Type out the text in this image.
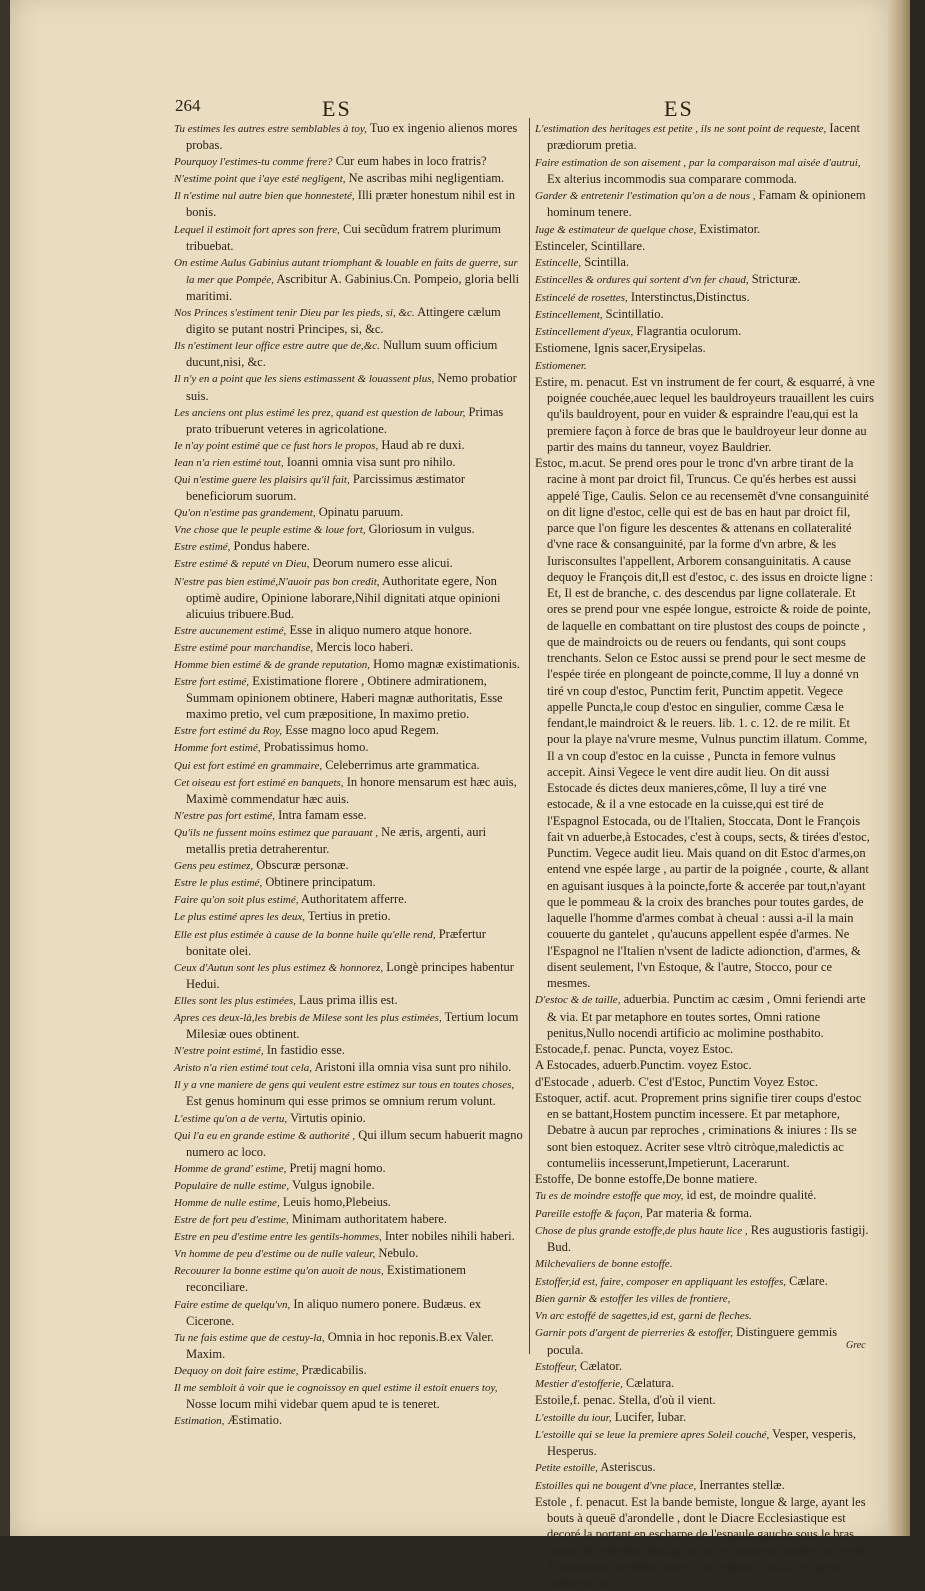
264	ES	ES

Tu estimes les autres estre semblables à toy, Tuo ex ingenio alienos mores probas.

Pourquoy l'estimes-tu comme frere? Cur eum habes in loco fratris?

N'estime point que i'aye esté negligent, Ne ascribas mihi negligentiam.

Il n'estime nul autre bien que honnesteté, Illi præter honestum nihil est in bonis.

Lequel il estimoit fort apres son frere, Cui secũdum fratrem plurimum tribuebat.

On estime Aulus Gabinius autant triomphant & louable en faits de guerre, sur la mer que Pompée, Ascribitur A. Gabinius.Cn. Pompeio, gloria belli maritimi.

Nos Princes s'estiment tenir Dieu par les pieds, si, &c. Attingere cælum digito se putant nostri Principes, si, &c.

Ils n'estiment leur office estre autre que de,&c. Nullum suum officium ducunt,nisi, &c.

Il n'y en a point que les siens estimassent & louassent plus, Nemo probatior suis.

Les anciens ont plus estimé les prez, quand est question de labour, Primas prato tribuerunt veteres in agricolatione.

Ie n'ay point estimé que ce fust hors le propos, Haud ab re duxi.

Iean n'a rien estimé tout, Ioanni omnia visa sunt pro nihilo.

Qui n'estime guere les plaisirs qu'il fait, Parcissimus æstimator beneficiorum suorum.

Qu'on n'estime pas grandement, Opinatu paruum.

Vne chose que le peuple estime & loue fort, Gloriosum in vulgus.

Estre estimé, Pondus habere.

Estre estimé & reputé vn Dieu, Deorum numero esse alicui.

N'estre pas bien estimé,N'auoir pas bon credit, Authoritate egere, Non optimè audire, Opinione laborare,Nihil dignitati atque opinioni alicuius tribuere.Bud.

Estre aucunement estimé, Esse in aliquo numero atque honore.

Estre estimé pour marchandise, Mercis loco haberi.

Homme bien estimé & de grande reputation, Homo magnæ existimationis.

Estre fort estimé, Existimatione florere , Obtinere admirationem, Summam opinionem obtinere, Haberi magnæ authoritatis, Esse maximo pretio, vel cum præpositione, In maximo pretio.

Estre fort estimé du Roy, Esse magno loco apud Regem.

Homme fort estimé, Probatissimus homo.

Qui est fort estimé en grammaire, Celeberrimus arte grammatica.

Cet oiseau est fort estimé en banquets, In honore mensarum est hæc auis, Maximè commendatur hæc auis.

N'estre pas fort estimé, Intra famam esse.

Qu'ils ne fussent moins estimez que parauant , Ne æris, argenti, auri metallis pretia detraherentur.

Gens peu estimez, Obscuræ personæ.

Estre le plus estimé, Obtinere principatum.

Faire qu'on soit plus estimé, Authoritatem afferre.

Le plus estimé apres les deux, Tertius in pretio.

Elle est plus estimée à cause de la bonne huile qu'elle rend, Præfertur bonitate olei.

Ceux d'Autun sont les plus estimez & honnorez, Longè principes habentur Hedui.

Elles sont les plus estimées, Laus prima illis est.

Apres ces deux-là,les brebis de Milese sont les plus estimées, Tertium locum Milesiæ oues obtinent.

N'estre point estimé, In fastidio esse.

Aristo n'a rien estimé tout cela, Aristoni illa omnia visa sunt pro nihilo.

Il y a vne maniere de gens qui veulent estre estimez sur tous en toutes choses, Est genus hominum qui esse primos se omnium rerum volunt.

L'estime qu'on a de vertu, Virtutis opinio.

Qui l'a eu en grande estime & authorité , Qui illum secum habuerit magno numero ac loco.

Homme de grand' estime, Pretij magni homo.

Populaire de nulle estime, Vulgus ignobile.

Homme de nulle estime, Leuis homo,Plebeius.

Estre de fort peu d'estime, Minimam authoritatem habere.

Estre en peu d'estime entre les gentils-hommes, Inter nobiles nihili haberi.

Vn homme de peu d'estime ou de nulle valeur, Nebulo.

Recouurer la bonne estime qu'on auoit de nous, Existimationem reconciliare.

Faire estime de quelqu'vn, In aliquo numero ponere. Budæus. ex Cicerone.

Tu ne fais estime que de cestuy-la, Omnia in hoc reponis.B.ex Valer. Maxim.

Dequoy on doit faire estime, Prædicabilis.

Il me sembloit à voir que ie cognoissoy en quel estime il estoit enuers toy, Nosse locum mihi videbar quem apud te is teneret.

Estimation, Æstimatio.

L'estimation des heritages est petite , ils ne sont point de requeste, Iacent prædiorum pretia.

Faire estimation de son aisement , par la comparaison mal aisée d'autrui, Ex alterius incommodis sua comparare commoda.

Garder & entretenir l'estimation qu'on a de nous , Famam & opinionem hominum tenere.

Iuge & estimateur de quelque chose, Existimator.

Estinceler, Scintillare.

Estincelle, Scintilla.

Estincelles & ordures qui sortent d'vn fer chaud, Stricturæ.

Estincelé de rosettes, Interstinctus,Distinctus.

Estincellement, Scintillatio.

Estincellement d'yeux, Flagrantia oculorum.

Estiomene, Ignis sacer,Erysipelas.

Estiomener.

Estire, m. penacut. Est vn instrument de fer court, & esquarré, à vne poignée couchée,auec lequel les bauldroyeurs trauaillent les cuirs qu'ils bauldroyent, pour en vuider & espraindre l'eau,qui est la premiere façon à force de bras que le bauldroyeur leur donne au partir des mains du tanneur, voyez Bauldrier.

Estoc, m.acut. Se prend ores pour le tronc d'vn arbre tirant de la racine à mont par droict fil, Truncus. Ce qu'és herbes est aussi appelé Tige, Caulis. Selon ce au recensemẽt d'vne consanguinité on dit ligne d'estoc, celle qui est de bas en haut par droict fil, parce que l'on figure les descentes & attenans en collateralité d'vne race & consanguinité, par la forme d'vn arbre, & les Iurisconsultes l'appellent, Arborem consanguinitatis. A cause dequoy le François dit,Il est d'estoc, c. des issus en droicte ligne : Et, Il est de branche, c. des descendus par ligne collaterale. Et ores se prend pour vne espée longue, estroicte & roide de pointe, de laquelle en combattant on tire plustost des coups de poincte , que de maindroicts ou de reuers ou fendants, qui sont coups trenchants. Selon ce Estoc aussi se prend pour le sect mesme de l'espée tirée en plongeant de poincte,comme, Il luy a donné vn tiré vn coup d'estoc, Punctim ferit, Punctim appetit. Vegece appelle Puncta,le coup d'estoc en singulier, comme Cæsa le fendant,le maindroict & le reuers. lib. 1. c. 12. de re milit. Et pour la playe na'vrure mesme, Vulnus punctim illatum. Comme, Il a vn coup d'estoc en la cuisse , Puncta in femore vulnus accepit. Ainsi Vegece le vent dire audit lieu. On dit aussi Estocade és dictes deux manieres,côme, Il luy a tiré vne estocade, & il a vne estocade en la cuisse,qui est tiré de l'Espagnol Estocada, ou de l'Italien, Stoccata, Dont le François fait vn aduerbe,à Estocades, c'est à coups, sects, & tirées d'estoc, Punctim. Vegece audit lieu. Mais quand on dit Estoc d'armes,on entend vne espée large , au partir de la poignée , courte, & allant en aguisant iusques à la poincte,forte & accerée par tout,n'ayant que le pommeau & la croix des branches pour toutes gardes, de laquelle l'homme d'armes combat à cheual : aussi a-il la main couuerte du gantelet , qu'aucuns appellent espée d'armes. Ne l'Espagnol ne l'Italien n'vsent de ladicte adionction, d'armes, & disent seulement, l'vn Estoque, & l'autre, Stocco, pour ce mesmes.

D'estoc & de taille, aduerbia. Punctim ac cæsim , Omni feriendi arte & via. Et par metaphore en toutes sortes, Omni ratione penitus,Nullo nocendi artificio ac molimine posthabito.

Estocade,f. penac. Puncta, voyez Estoc.

A Estocades, aduerb.Punctim. voyez Estoc.

d'Estocade , aduerb. C'est d'Estoc, Punctim Voyez Estoc.

Estoquer, actif. acut. Proprement prins signifie tirer coups d'estoc en se battant,Hostem punctim incessere. Et par metaphore, Debatre à aucun par reproches , criminations & iniures : Ils se sont bien estoquez. Acriter sese vltrò citròque,maledictis ac contumeliis incesserunt,Impetierunt, Lacerarunt.

Estoffe, De bonne estoffe,De bonne matiere.

Tu es de moindre estoffe que moy, id est, de moindre qualité.

Pareille estoffe & façon, Par materia & forma.

Chose de plus grande estoffe,de plus haute lice , Res augustioris fastigij. Bud.

Milchevaliers de bonne estoffe.

Estoffer,id est, faire, composer en appliquant les estoffes, Cælare.

Bien garnir & estoffer les villes de frontiere,

Vn arc estoffé de sagettes,id est, garni de fleches.

Garnir pots d'argent de pierreries & estoffer, Distinguere gemmis pocula.

Estoffeur, Cælator.

Mestier d'estofferie, Cælatura.

Estoile,f. penac. Stella, d'où il vient.

L'estoille du iour, Lucifer, Iubar.

L'estoille qui se leue la premiere apres Soleil couché, Vesper, vesperis, Hesperus.

Petite estoille, Asteriscus.

Estoilles qui ne bougent d'vne place, Inerrantes stellæ.

Estole , f. penacut. Est la bande bemiste, longue & large, ayant les bouts à queuë d'arondelle , dont le Diacre Ecclesiastique est decoré la portant en escharpe de l'espaule gauche sous le bras droict, & le prestre pendant du col en cornette croisée sur le pis, & retroussée des deux costez à la ceinture, Stola. Les deux viennent du

Grec
